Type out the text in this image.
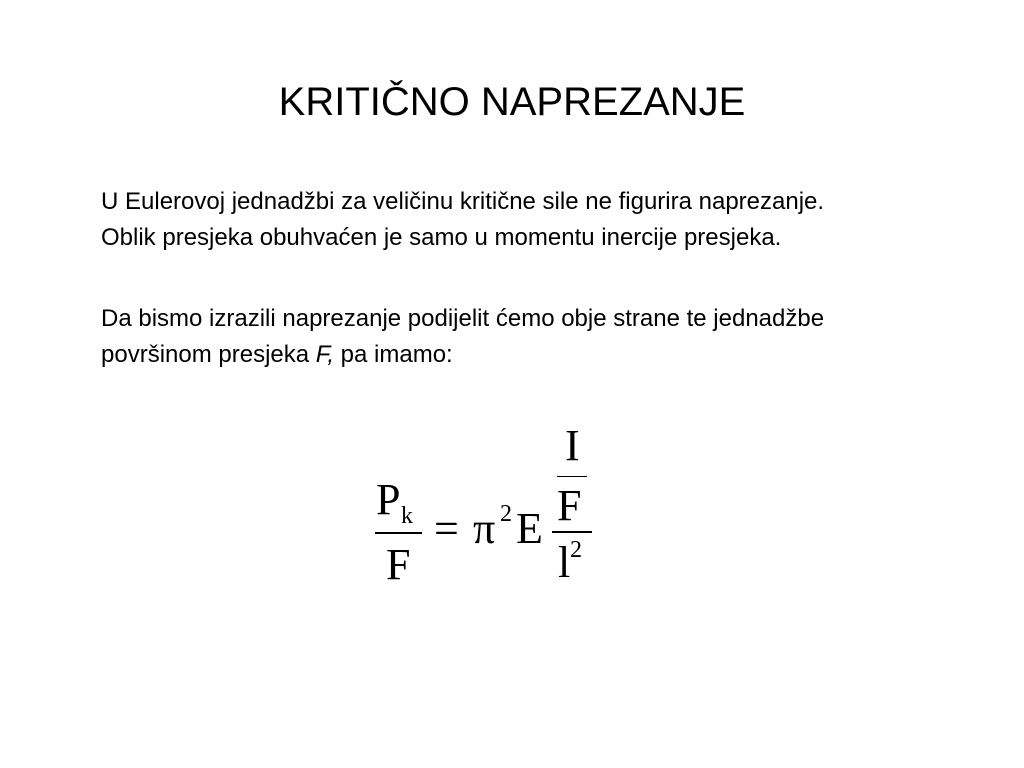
KRITIČNO NAPREZANJE
U Eulerovoj jednadžbi za veličinu kritične sile ne figurira naprezanje.
Oblik presjeka obuhvaćen je samo u momentu inercije presjeka.
Da bismo izrazili naprezanje podijelit ćemo obje strane te jednadžbe
površinom presjeka F, pa imamo:
P k
F
= π 2 E
I
F
l 2
